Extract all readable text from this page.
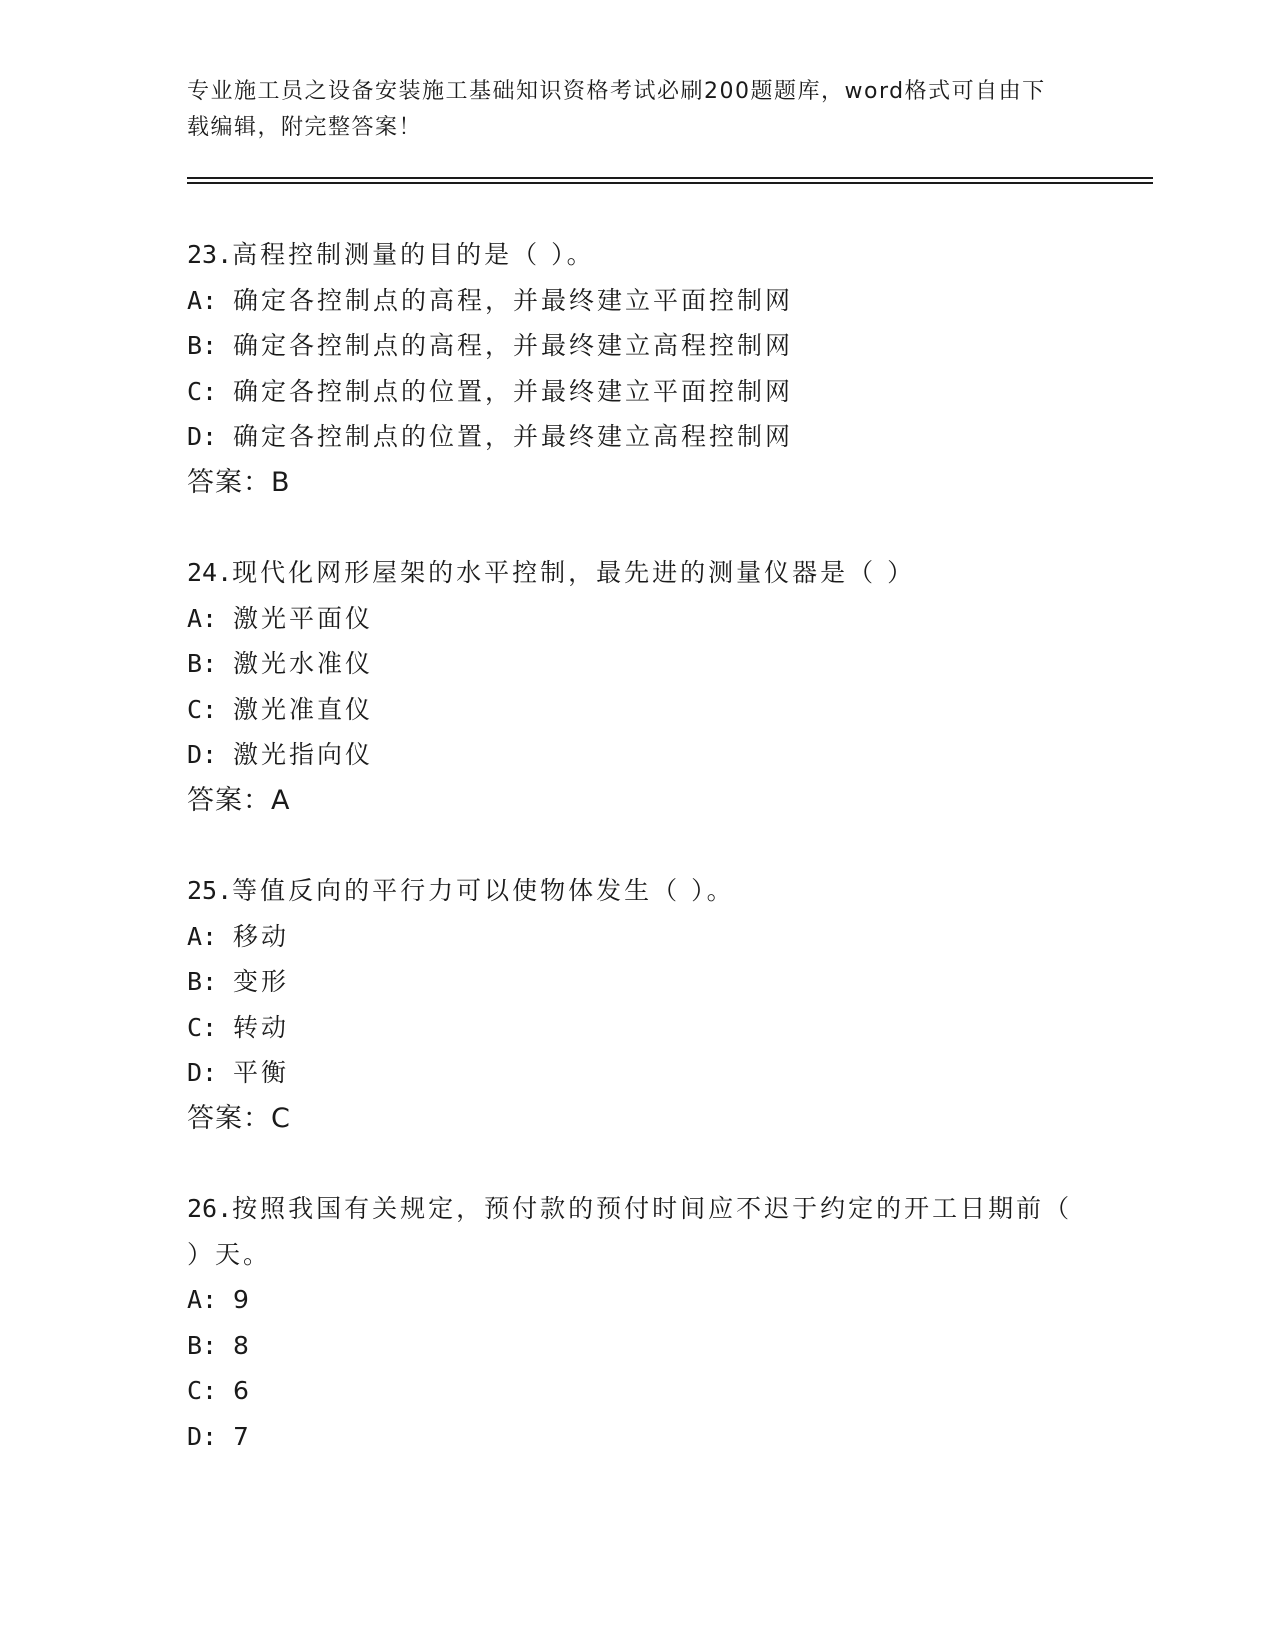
专业施工员之设备安装施工基础知识资格考试必刷200题题库，word格式可自由下载编辑，附完整答案！

23.高程控制测量的目的是（ ）。

A: 确定各控制点的高程，并最终建立平面控制网

B: 确定各控制点的高程，并最终建立高程控制网

C: 确定各控制点的位置，并最终建立平面控制网

D: 确定各控制点的位置，并最终建立高程控制网

答案：B

24.现代化网形屋架的水平控制，最先进的测量仪器是（ ）

A: 激光平面仪

B: 激光水准仪

C: 激光准直仪

D: 激光指向仪

答案：A

25.等值反向的平行力可以使物体发生（ ）。

A: 移动

B: 变形

C: 转动

D: 平衡

答案：C

26.按照我国有关规定，预付款的预付时间应不迟于约定的开工日期前（ ）天。

A: 9

B: 8

C: 6

D: 7
